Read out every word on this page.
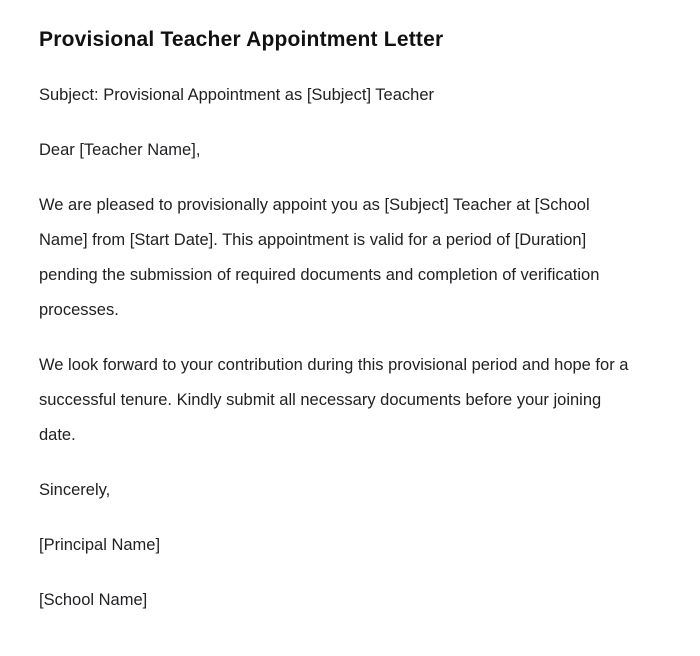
Provisional Teacher Appointment Letter

Subject: Provisional Appointment as [Subject] Teacher

Dear [Teacher Name],

We are pleased to provisionally appoint you as [Subject] Teacher at [School Name] from [Start Date]. This appointment is valid for a period of [Duration] pending the submission of required documents and completion of verification processes.

We look forward to your contribution during this provisional period and hope for a successful tenure. Kindly submit all necessary documents before your joining date.

Sincerely,

[Principal Name]

[School Name]
